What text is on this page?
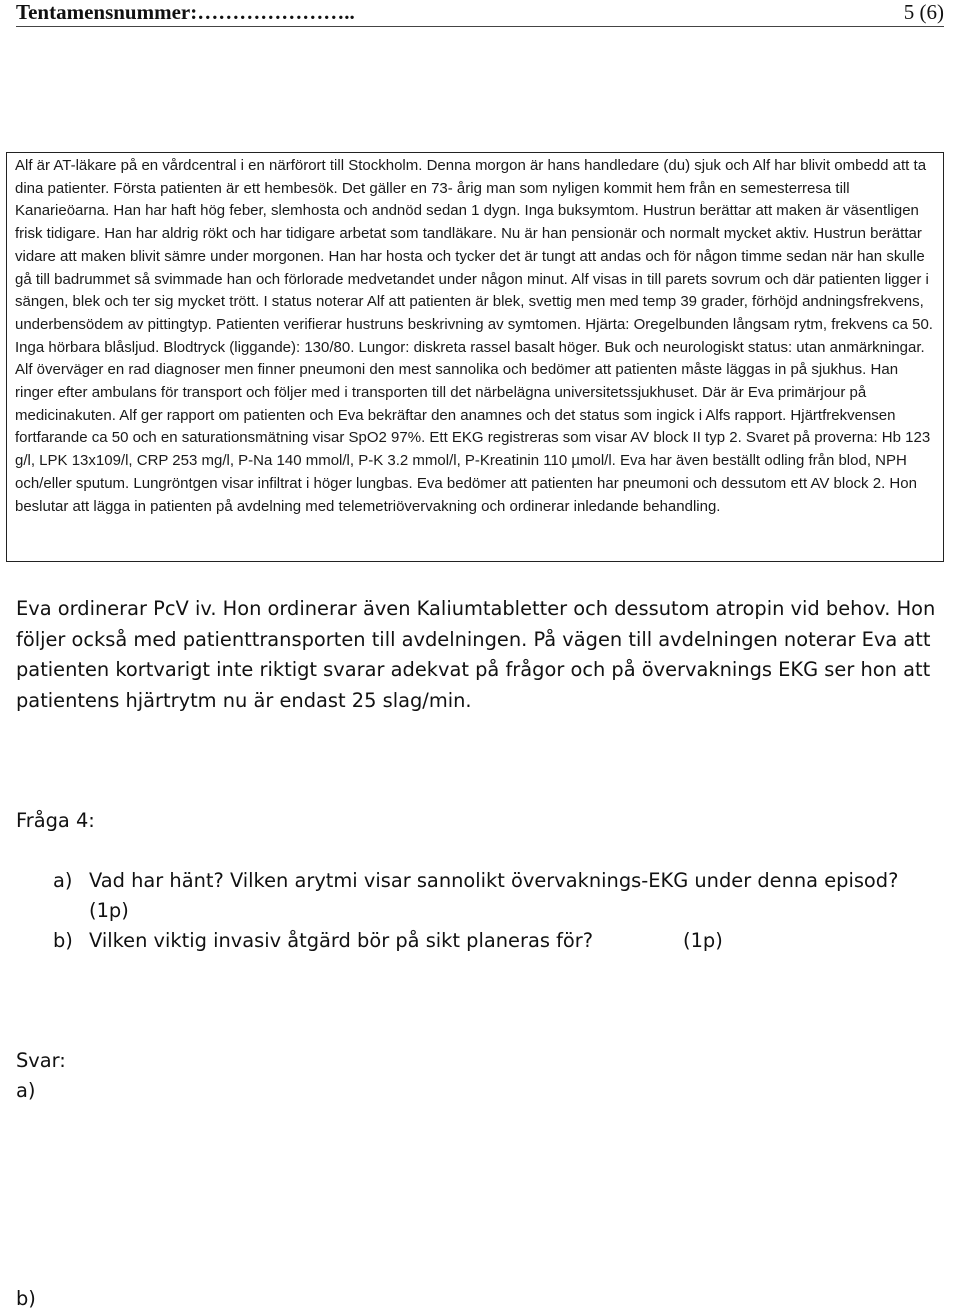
Tentamensnummer:…………………..	5 (6)

Alf är AT-läkare på en vårdcentral i en närförort till Stockholm. Denna morgon är hans handledare (du) sjuk och Alf har blivit ombedd att ta dina patienter. Första patienten är ett hembesök. Det gäller en 73- årig man som nyligen kommit hem från en semesterresa till Kanarieöarna. Han har haft hög feber, slemhosta och andnöd sedan 1 dygn. Inga buksymtom. Hustrun berättar att maken är väsentligen frisk tidigare. Han har aldrig rökt och har tidigare arbetat som tandläkare. Nu är han pensionär och normalt mycket aktiv. Hustrun berättar vidare att maken blivit sämre under morgonen. Han har hosta och tycker det är tungt att andas och för någon timme sedan när han skulle gå till badrummet så svimmade han och förlorade medvetandet under någon minut. Alf visas in till parets sovrum och där patienten ligger i sängen, blek och ter sig mycket trött. I status noterar Alf att patienten är blek, svettig men med temp 39 grader, förhöjd andningsfrekvens, underbensödem av pittingtyp. Patienten verifierar hustruns beskrivning av symtomen. Hjärta: Oregelbunden långsam rytm, frekvens ca 50. Inga hörbara blåsljud. Blodtryck (liggande): 130/80. Lungor: diskreta rassel basalt höger. Buk och neurologiskt status: utan anmärkningar. Alf överväger en rad diagnoser men finner pneumoni den mest sannolika och bedömer att patienten måste läggas in på sjukhus. Han ringer efter ambulans för transport och följer med i transporten till det närbelägna universitetssjukhuset. Där är Eva primärjour på medicinakuten. Alf ger rapport om patienten och Eva bekräftar den anamnes och det status som ingick i Alfs rapport. Hjärtfrekvensen fortfarande ca 50 och en saturationsmätning visar SpO2 97%. Ett EKG registreras som visar AV block II typ 2. Svaret på proverna: Hb 123 g/l, LPK 13x109/l, CRP 253 mg/l, P-Na 140 mmol/l, P-K 3.2 mmol/l, P-Kreatinin 110 µmol/l. Eva har även beställt odling från blod, NPH och/eller sputum. Lungröntgen visar infiltrat i höger lungbas. Eva bedömer att patienten har pneumoni och dessutom ett AV block 2. Hon beslutar att lägga in patienten på avdelning med telemetriövervakning och ordinerar inledande behandling.

Eva ordinerar PcV iv. Hon ordinerar även Kaliumtabletter och dessutom atropin vid behov. Hon följer också med patienttransporten till avdelningen. På vägen till avdelningen noterar Eva att patienten kortvarigt inte riktigt svarar adekvat på frågor och på övervaknings EKG ser hon att patientens hjärtrytm nu är endast 25 slag/min.

Fråga 4:
a) Vad har hänt? Vilken arytmi visar sannolikt övervaknings-EKG under denna episod?
(1p)
b) Vilken viktig invasiv åtgärd bör på sikt planeras för?	(1p)
Svar:
a)
b)
